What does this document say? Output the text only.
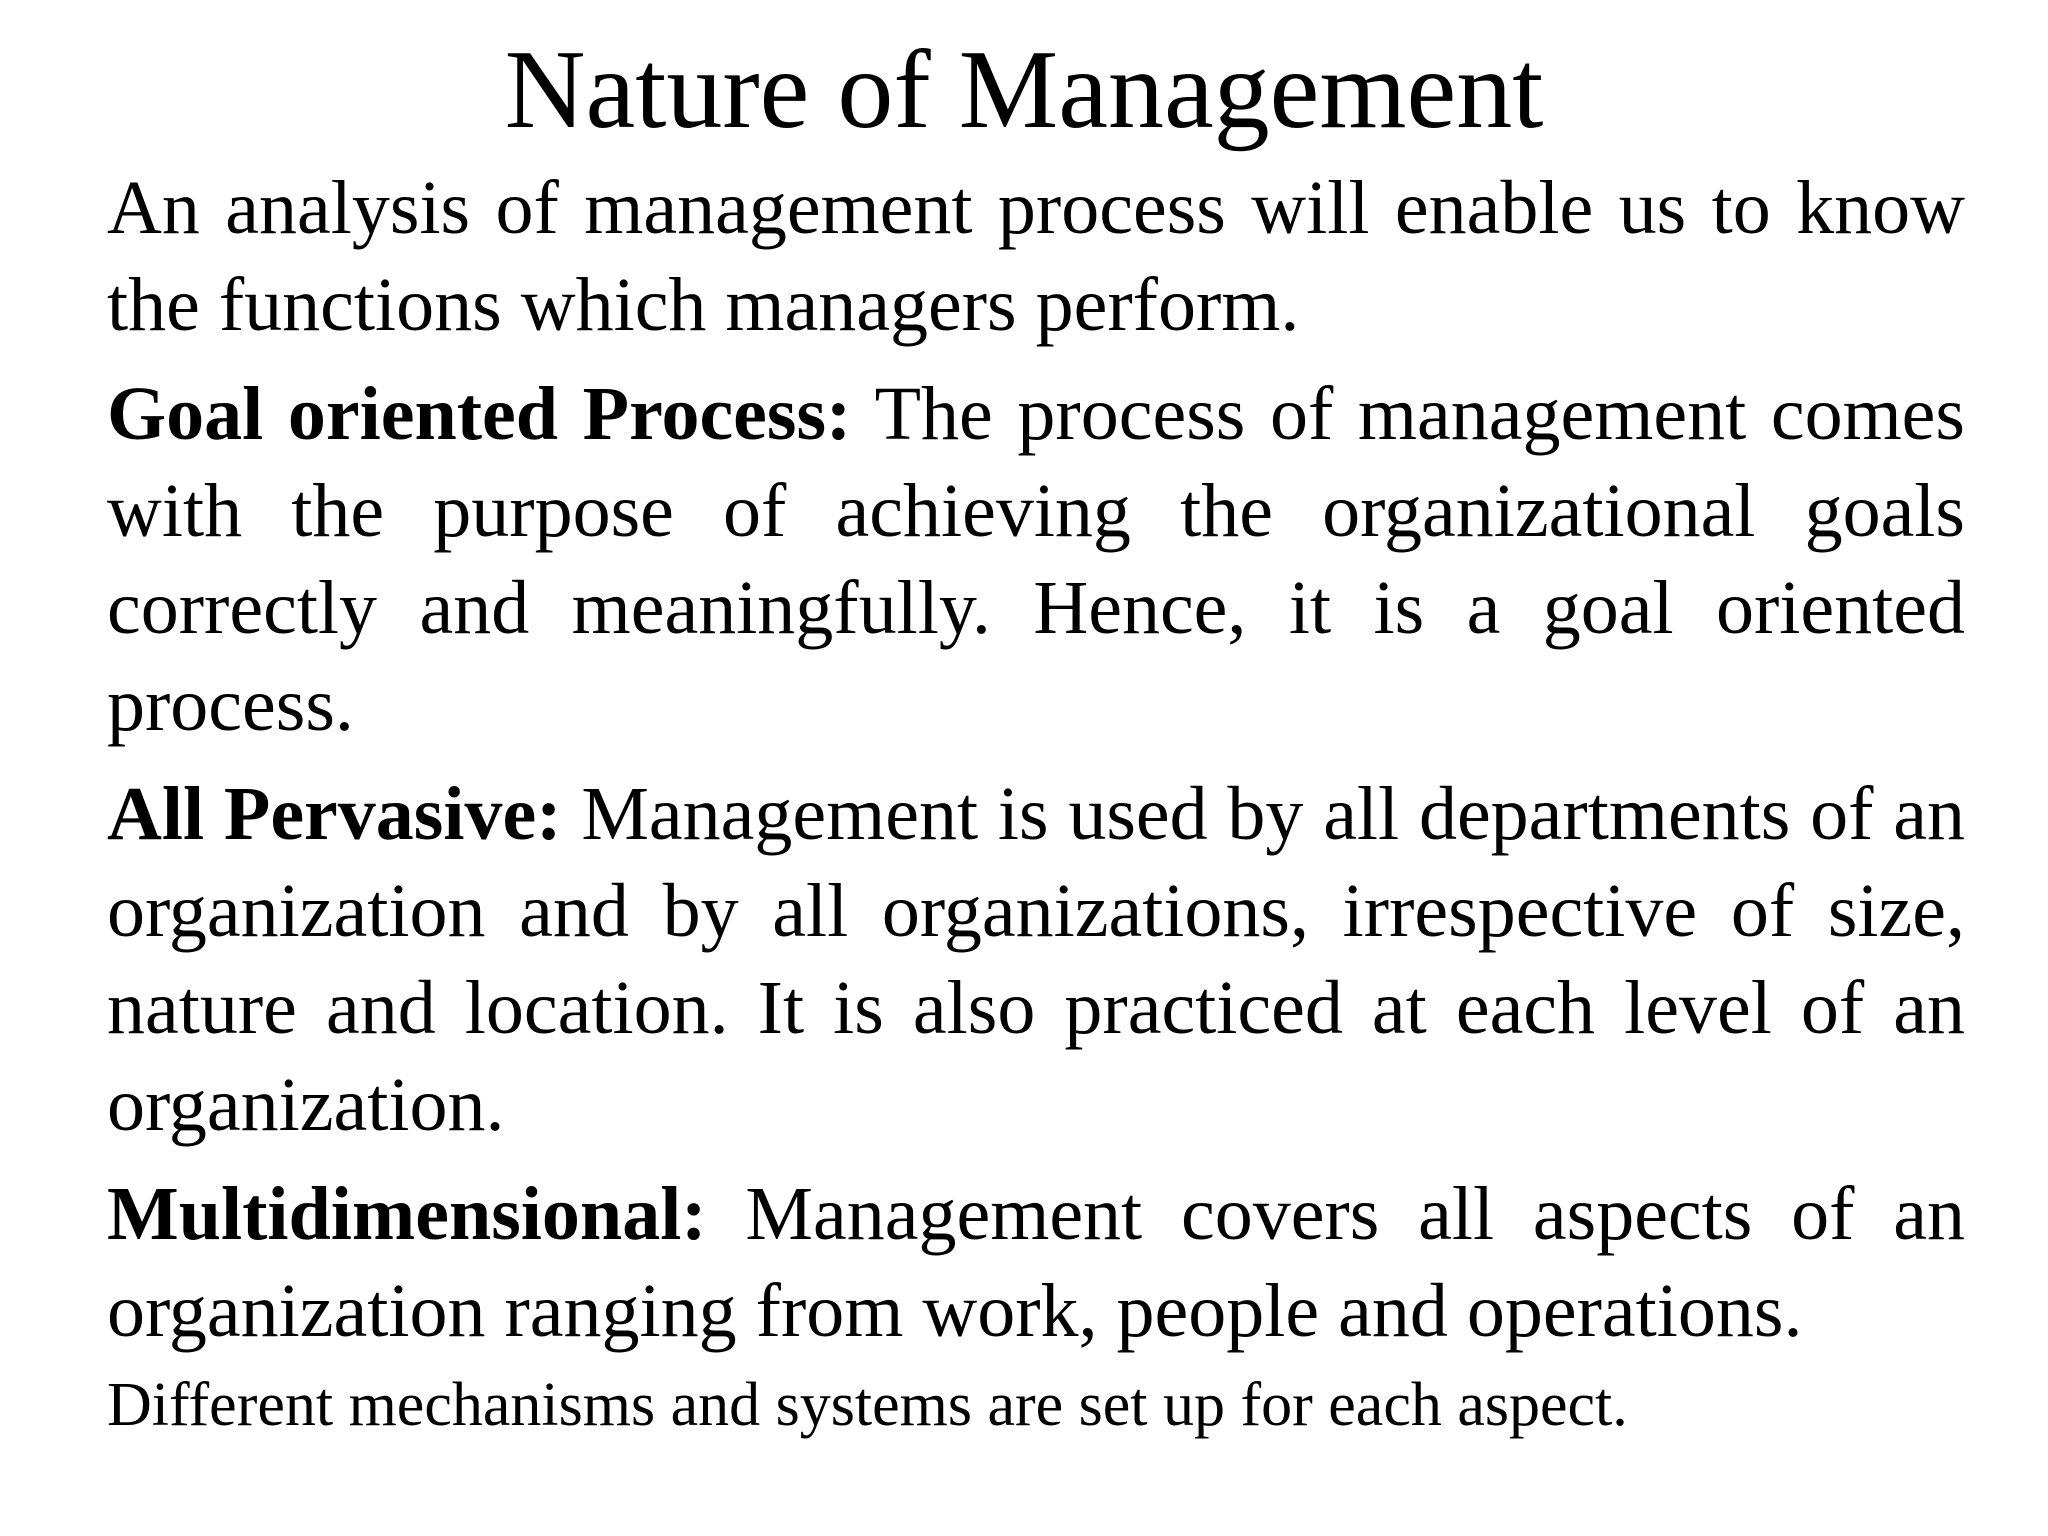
Nature of Management

An analysis of management process will enable us to know the functions which managers perform.

Goal oriented Process: The process of management comes with the purpose of achieving the organizational goals correctly and meaningfully. Hence, it is a goal oriented process.

All Pervasive: Management is used by all departments of an organization and by all organizations, irrespective of size, nature and location. It is also practiced at each level of an organization.

Multidimensional: Management covers all aspects of an organization ranging from work, people and operations.
Different mechanisms and systems are set up for each aspect.
